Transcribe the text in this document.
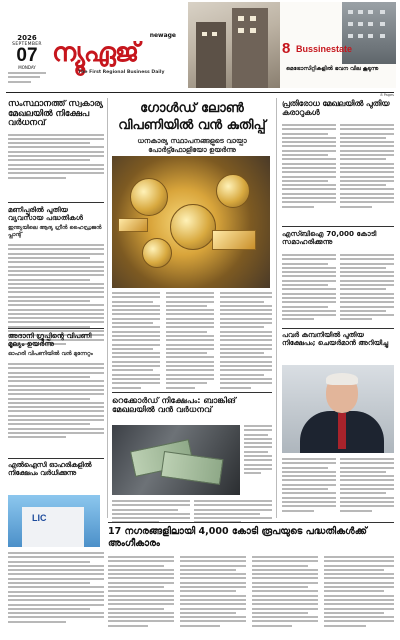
2026
SEPTEMBER
07
MONDAY
newage
ന്യൂഏജ്
The First Regional Business Daily
8 Bussinestate
മെട്രോസിറ്റികളിൽ ഭവന വില കൂടുന്നു
8 Pages
സംസ്ഥാനത്ത് സ്വകാര്യ മേഖലയിൽ നിക്ഷേപ വർധനവ്
മണിപ്പൂരിൽ പുതിയ വ്യവസായ പദ്ധതികൾ
ഇന്ത്യയിലെ ആദ്യ ഗ്രീൻ ഹൈഡ്രജൻ പ്ലാന്റ്
അദാനി ഗ്രൂപ്പിന്റെ വിപണി മൂല്യം ഉയർന്നു
ഓഹരി വിപണിയിൽ വൻ മുന്നേറ്റം
എൽഐസി ഓഹരികളിൽ നിക്ഷേപം വർധിക്കുന്നു
LIC
ഗോൾഡ് ലോൺ വിപണിയിൽ വൻ കുതിപ്പ്
ധനകാര്യ സ്ഥാപനങ്ങളുടെ വായ്പാ പോർട്ട്ഫോളിയോ ഉയർന്നു
പ്രതിരോധ മേഖലയിൽ പുതിയ കരാറുകൾ
എസ്ബിഐ 70,000 കോടി സമാഹരിക്കുന്നു
പവർ കമ്പനിയിൽ പുതിയ നിക്ഷേപം; ചെയർമാൻ അറിയിച്ചു
റെക്കോർഡ് നിക്ഷേപം: ബാങ്കിങ് മേഖലയിൽ വൻ വർധനവ്
17 നഗരങ്ങളിലായി 4,000 കോടി രൂപയുടെ പദ്ധതികൾക്ക് അംഗീകാരം
